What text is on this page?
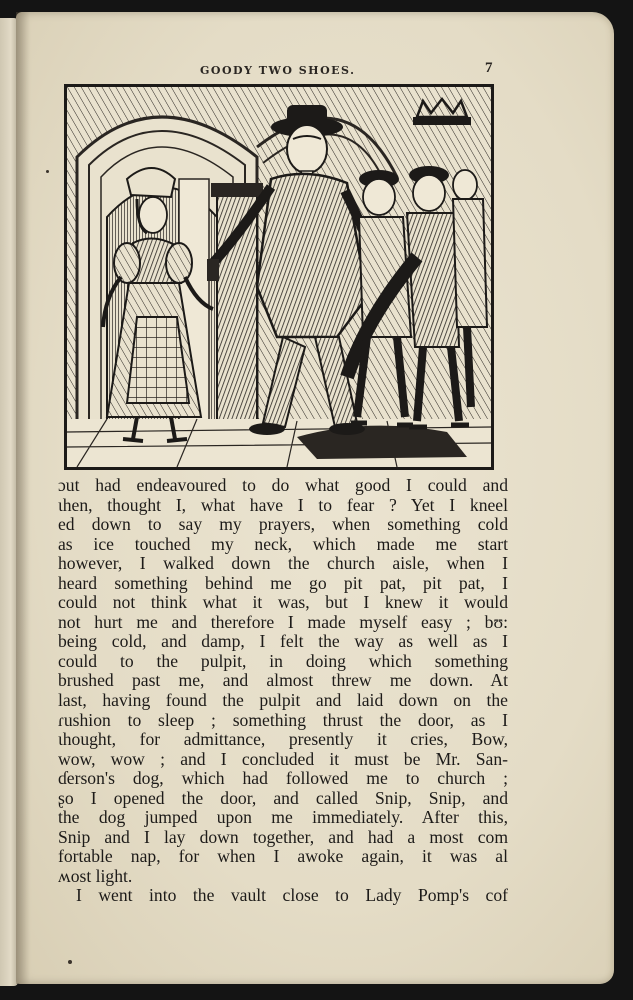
GOODY TWO SHOES.	7
ɔut had endeavoured to do what good I could and
ɩhen, thought I, what have I to fear ? Yet I kneel
ed down to say my prayers, when something cold
as ice touched my neck, which made me start
however, I walked down the church aisle, when I
heard something behind me go pit pat, pit pat, I
could not think what it was, but I knew it would
not hurt me and therefore I made myself easy ; bʊ:
being cold, and damp, I felt the way as well as I
could to the pulpit, in doing which something
brushed past me, and almost threw me down. At
last, having found the pulpit and laid down on the
ɾushion to sleep ; something thrust the door, as I
ɩhought, for admittance, presently it cries, Bow,
wow, wow ; and I concluded it must be Mr. San-
ɗerson's dog, which had followed me to church ;
ʂo I opened the door, and called Snip, Snip, and
the dog jumped upon me immediately. After this,
Snip and I lay down together, and had a most com
fortable nap, for when I awoke again, it was al
ʍost light.
I went into the vault close to Lady Pomp's cof
